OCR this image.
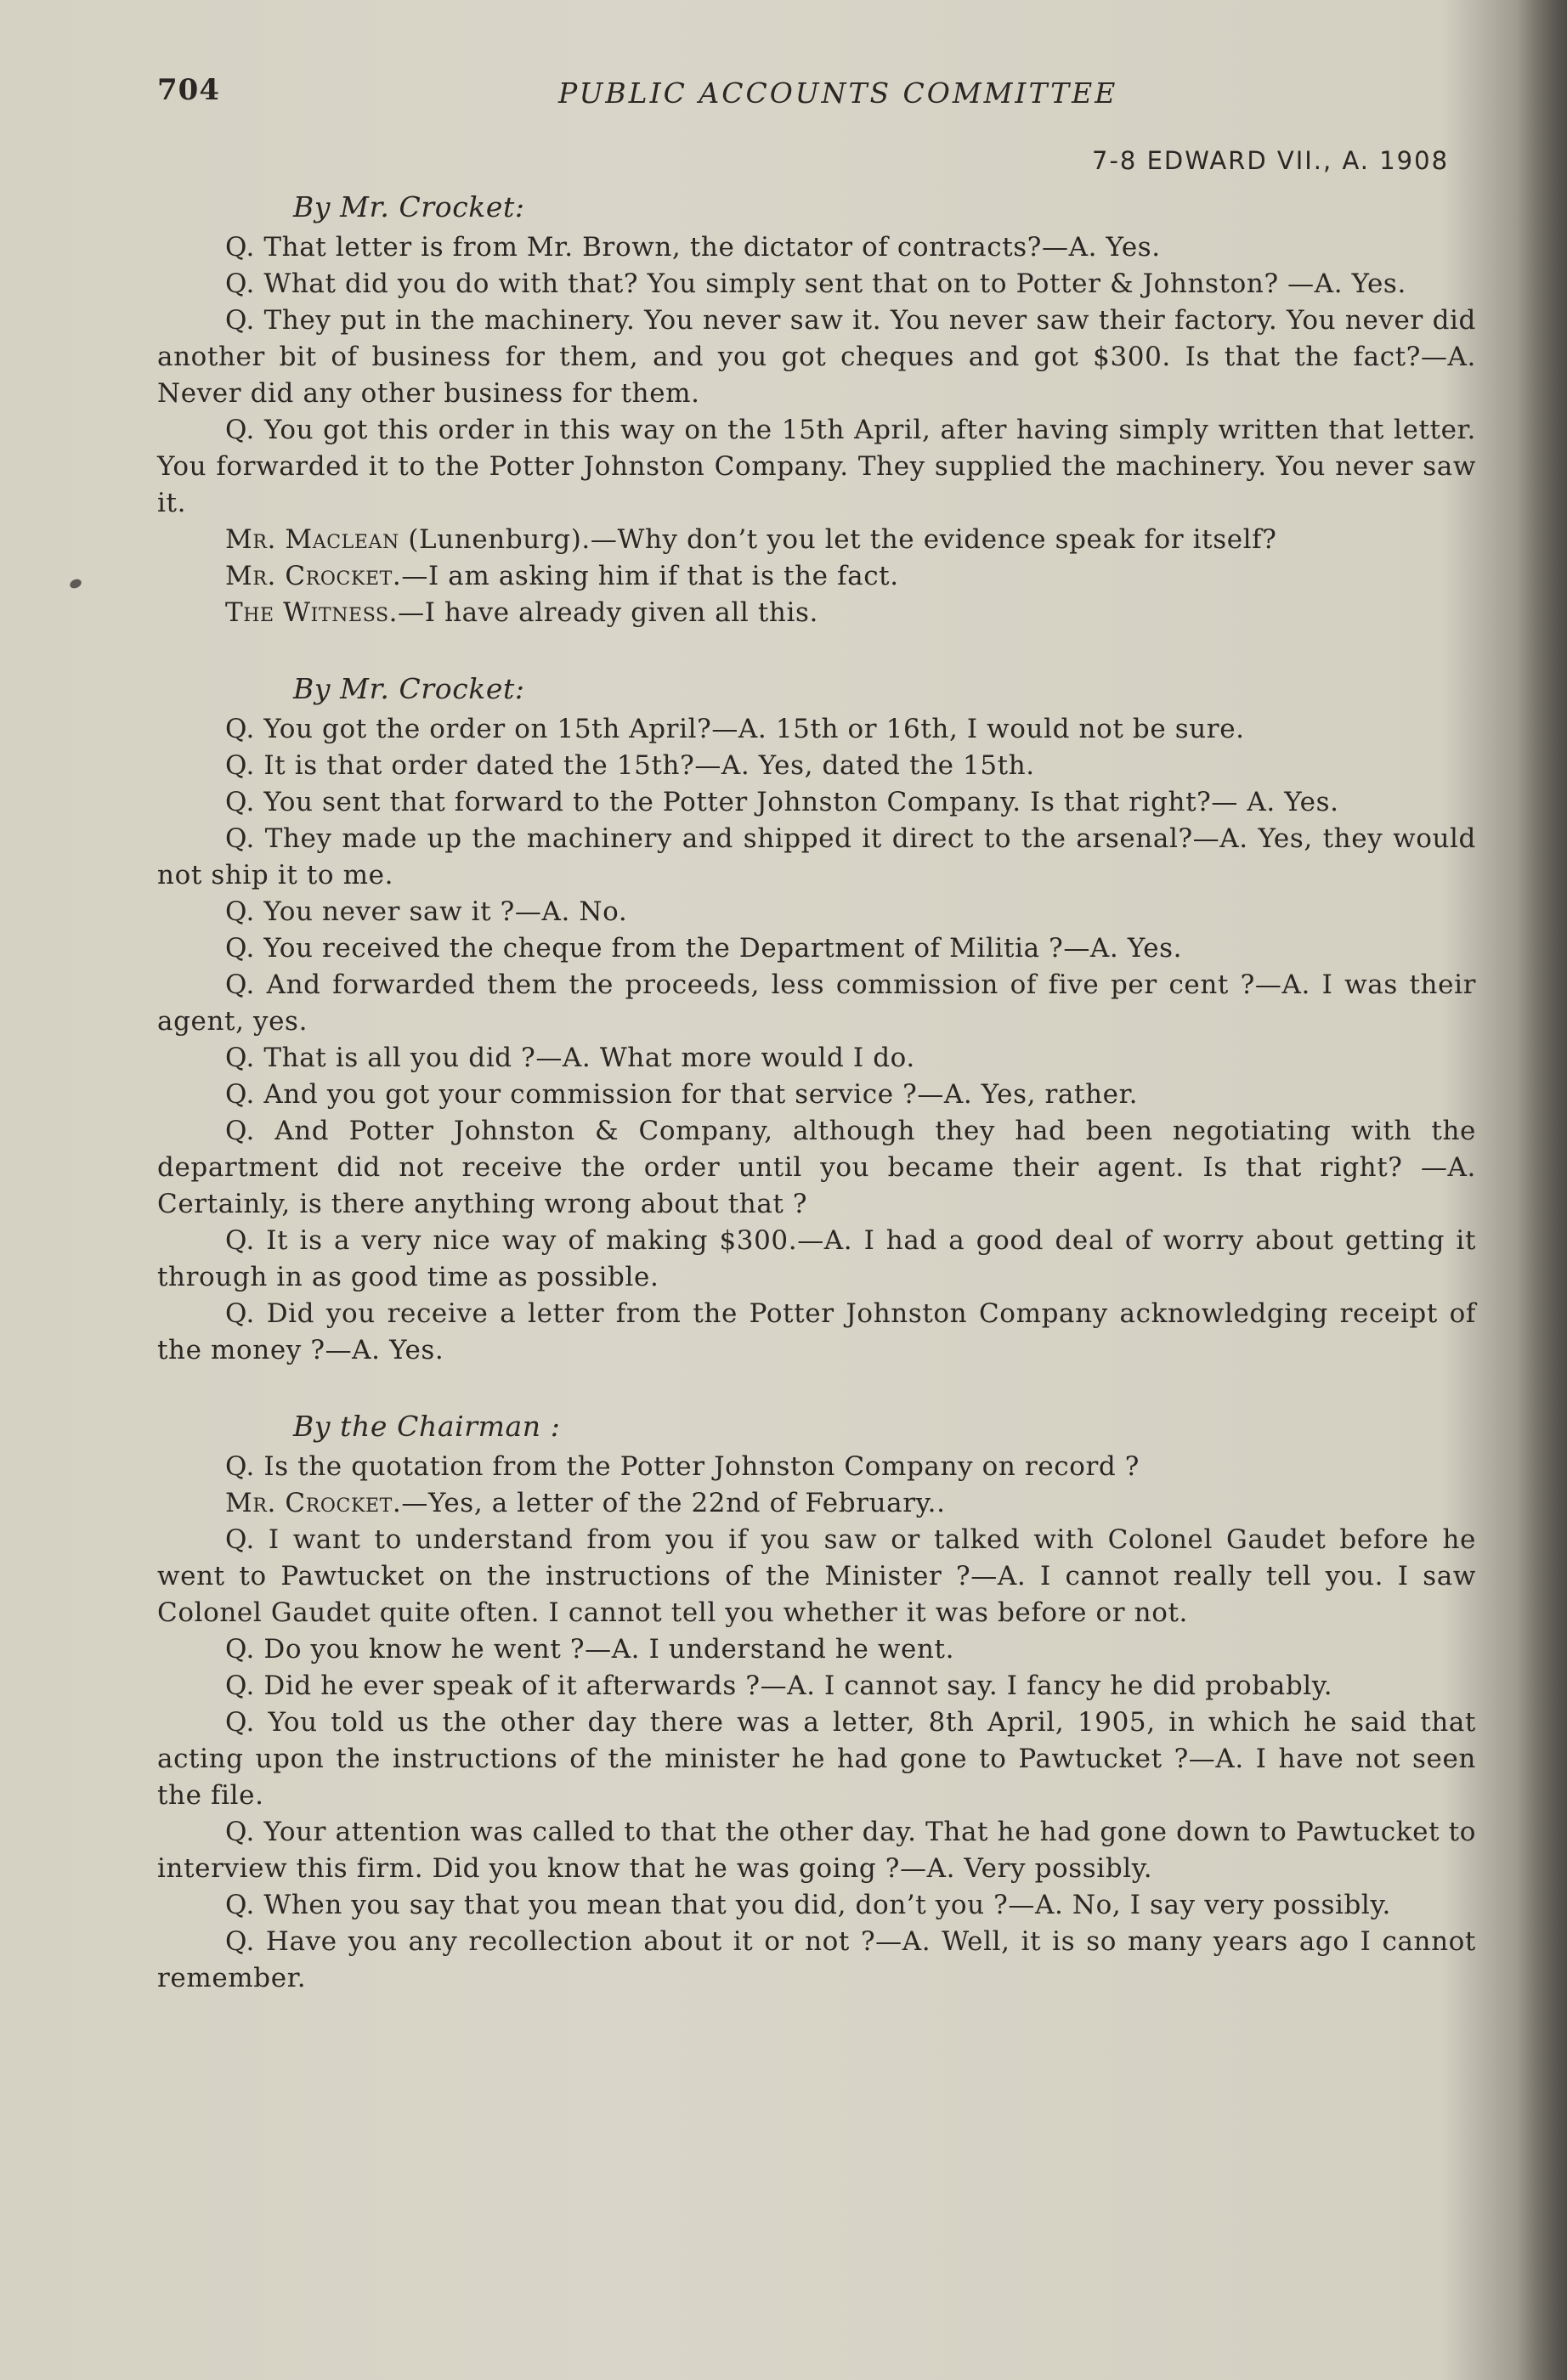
704	PUBLIC ACCOUNTS COMMITTEE
7-8 EDWARD VII., A. 1908
By Mr. Crocket:

Q. That letter is from Mr. Brown, the dictator of contracts?—A. Yes.

Q. What did you do with that? You simply sent that on to Potter & Johnston? —A. Yes.

Q. They put in the machinery. You never saw it. You never saw their factory. You never did another bit of business for them, and you got cheques and got $300. Is that the fact?—A. Never did any other business for them.

Q. You got this order in this way on the 15th April, after having simply written that letter. You forwarded it to the Potter Johnston Company. They supplied the machinery. You never saw it.

Mr. Maclean (Lunenburg).—Why don’t you let the evidence speak for itself?

Mr. Crocket.—I am asking him if that is the fact.

The Witness.—I have already given all this.

By Mr. Crocket:

Q. You got the order on 15th April?—A. 15th or 16th, I would not be sure.

Q. It is that order dated the 15th?—A. Yes, dated the 15th.

Q. You sent that forward to the Potter Johnston Company. Is that right?— A. Yes.

Q. They made up the machinery and shipped it direct to the arsenal?—A. Yes, they would not ship it to me.

Q. You never saw it ?—A. No.

Q. You received the cheque from the Department of Militia ?—A. Yes.

Q. And forwarded them the proceeds, less commission of five per cent ?—A. I was their agent, yes.

Q. That is all you did ?—A. What more would I do.

Q. And you got your commission for that service ?—A. Yes, rather.

Q. And Potter Johnston & Company, although they had been negotiating with the department did not receive the order until you became their agent. Is that right? —A. Certainly, is there anything wrong about that ?

Q. It is a very nice way of making $300.—A. I had a good deal of worry about getting it through in as good time as possible.

Q. Did you receive a letter from the Potter Johnston Company acknowledging receipt of the money ?—A. Yes.

By the Chairman :

Q. Is the quotation from the Potter Johnston Company on record ?

Mr. Crocket.—Yes, a letter of the 22nd of February..

Q. I want to understand from you if you saw or talked with Colonel Gaudet before he went to Pawtucket on the instructions of the Minister ?—A. I cannot really tell you. I saw Colonel Gaudet quite often. I cannot tell you whether it was before or not.

Q. Do you know he went ?—A. I understand he went.

Q. Did he ever speak of it afterwards ?—A. I cannot say. I fancy he did probably.

Q. You told us the other day there was a letter, 8th April, 1905, in which he said that acting upon the instructions of the minister he had gone to Pawtucket ?—A. I have not seen the file.

Q. Your attention was called to that the other day. That he had gone down to Pawtucket to interview this firm. Did you know that he was going ?—A. Very possibly.

Q. When you say that you mean that you did, don’t you ?—A. No, I say very possibly.

Q. Have you any recollection about it or not ?—A. Well, it is so many years ago I cannot remember.
